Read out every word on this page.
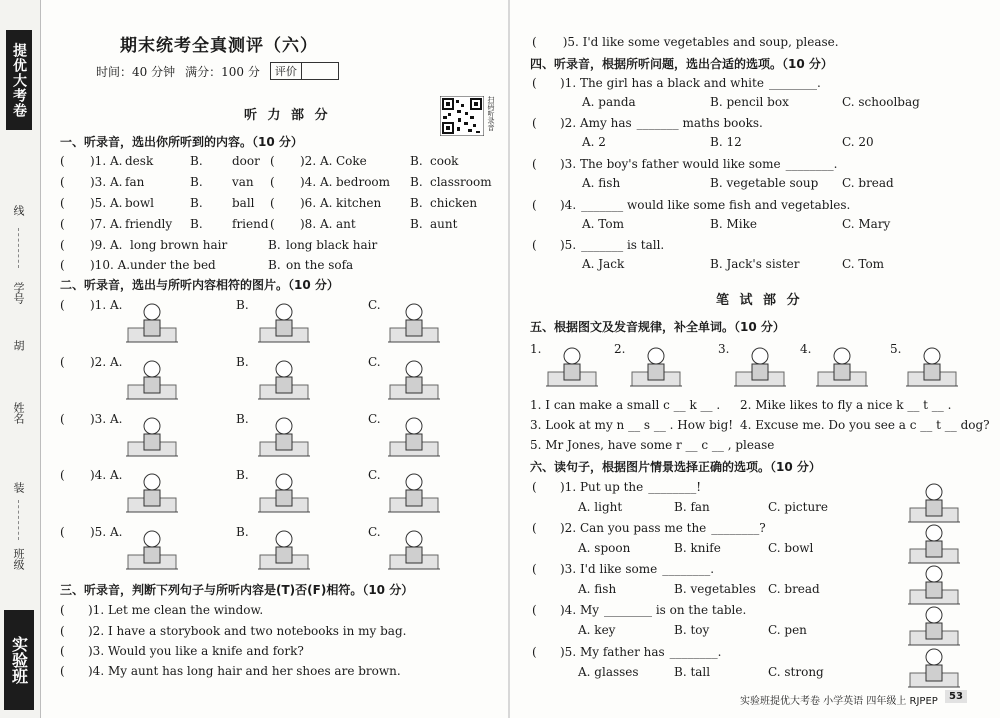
提优大考卷
线
学号
胡
姓名
装
班级
实验班
期末统考全真测评（六）
时间：40 分钟 满分：100 分	评价
听 力 部 分	扫码听录音
一、听录音，选出你所听到的内容。（10 分）
二、听录音，选出与所听内容相符的图片。（10 分）
三、听录音，判断下列句子与所听内容是(T)否(F)相符。（10 分）
( )5. I'd like some vegetables and soup, please.
四、听录音，根据所听问题，选出合适的选项。（10 分）
笔 试 部 分
五、根据图文及发音规律，补全单词。（10 分）
六、读句子，根据图片情景选择正确的选项。（10 分）
实验班提优大考卷 小学英语 四年级上 RJPEP	53
( )1. A. desk	B. door ( )2. A. Coke	B. cook
( )3. A. fan	B. van ( )4. A. bedroom B. classroom
( )5. A. bowl	B. ball ( )6. A. kitchen B. chicken
( )7. A. friendly B. friend ( )8. A. ant	B. aunt
( )9. A. long brown hair	B. long black hair
( )10. A. under the bed	B. on the sofa
( )1. A.	B.	C.
( )2. A.	B.	C.
( )3. A.	B.	C.
( )4. A.	B.	C.
( )5. A.	B.	C.
( )1. Let me clean the window.
( )2. I have a storybook and two notebooks in my bag.
( )3. Would you like a knife and fork?
( )4. My aunt has long hair and her shoes are brown.
( )1. The girl has a black and white ________.
A. panda	B. pencil box	C. schoolbag
( )2. Amy has _______ maths books.
A. 2	B. 12	C. 20
( )3. The boy's father would like some ________.
A. fish	B. vegetable soup C. bread
( )4. _______ would like some fish and vegetables.
A. Tom	B. Mike	C. Mary
( )5. _______ is tall.
A. Jack	B. Jack's sister	C. Tom
1.	2.	3.	4.	5.
1. I can make a small c __ k __ . 2. Mike likes to fly a nice k __ t __ .
3. Look at my n __ s __ . How big! 4. Excuse me. Do you see a c __ t __ dog?
5. Mr Jones, have some r __ c __ , please
( )1. Put up the ________!
A. light	B. fan	C. picture
( )2. Can you pass me the ________?
A. spoon	B. knife	C. bowl
( )3. I'd like some ________.
A. fish	B. vegetables C. bread
( )4. My ________ is on the table.
A. key	B. toy	C. pen
( )5. My father has ________.
A. glasses	B. tall	C. strong
